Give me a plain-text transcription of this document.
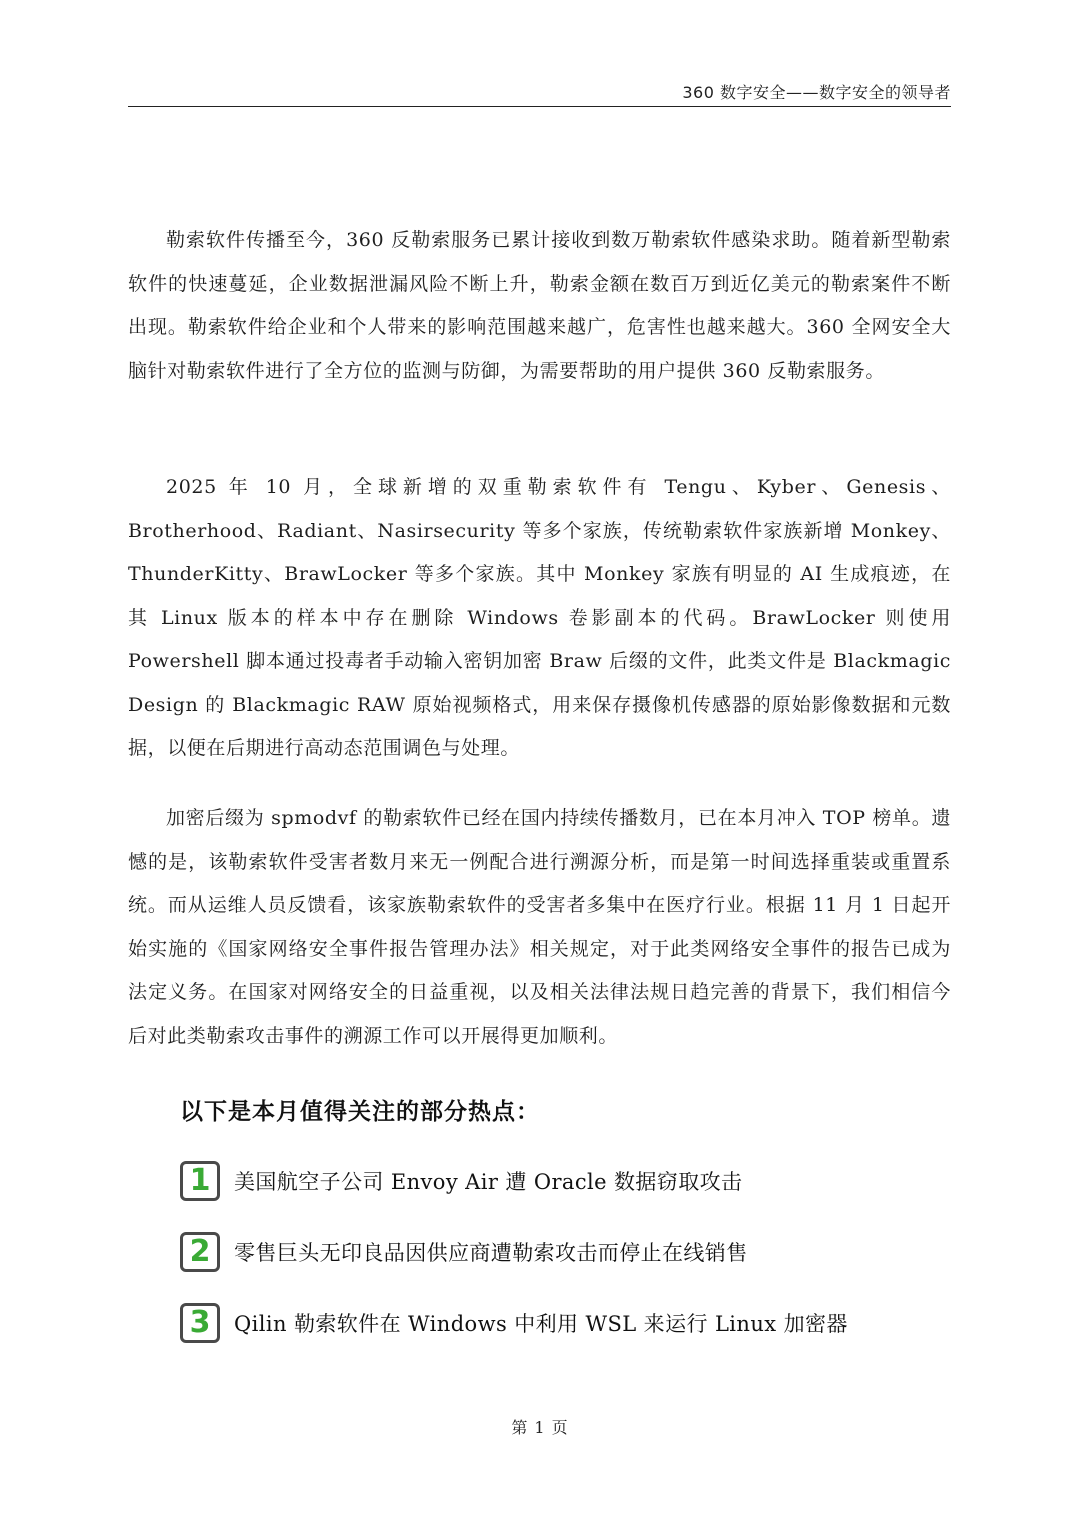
360 数字安全——数字安全的领导者

勒索软件传播至今，360 反勒索服务已累计接收到数万勒索软件感染求助。随着新型勒索软件的快速蔓延，企业数据泄漏风险不断上升，勒索金额在数百万到近亿美元的勒索案件不断出现。勒索软件给企业和个人带来的影响范围越来越广，危害性也越来越大。360 全网安全大脑针对勒索软件进行了全方位的监测与防御，为需要帮助的用户提供 360 反勒索服务。

2025 年 10 月，全球新增的双重勒索软件有 Tengu、Kyber、Genesis、Brotherhood、Radiant、Nasirsecurity 等多个家族，传统勒索软件家族新增 Monkey、ThunderKitty、BrawLocker 等多个家族。其中 Monkey 家族有明显的 AI 生成痕迹，在其 Linux 版本的样本中存在删除 Windows 卷影副本的代码。BrawLocker 则使用 Powershell 脚本通过投毒者手动输入密钥加密 Braw 后缀的文件，此类文件是 Blackmagic Design 的 Blackmagic RAW 原始视频格式，用来保存摄像机传感器的原始影像数据和元数据，以便在后期进行高动态范围调色与处理。

加密后缀为 spmodvf 的勒索软件已经在国内持续传播数月，已在本月冲入 TOP 榜单。遗憾的是，该勒索软件受害者数月来无一例配合进行溯源分析，而是第一时间选择重装或重置系统。而从运维人员反馈看，该家族勒索软件的受害者多集中在医疗行业。根据 11 月 1 日起开始实施的《国家网络安全事件报告管理办法》相关规定，对于此类网络安全事件的报告已成为法定义务。在国家对网络安全的日益重视，以及相关法律法规日趋完善的背景下，我们相信今后对此类勒索攻击事件的溯源工作可以开展得更加顺利。

以下是本月值得关注的部分热点：
1 美国航空子公司 Envoy Air 遭 Oracle 数据窃取攻击
2 零售巨头无印良品因供应商遭勒索攻击而停止在线销售
3 Qilin 勒索软件在 Windows 中利用 WSL 来运行 Linux 加密器
第 1 页
